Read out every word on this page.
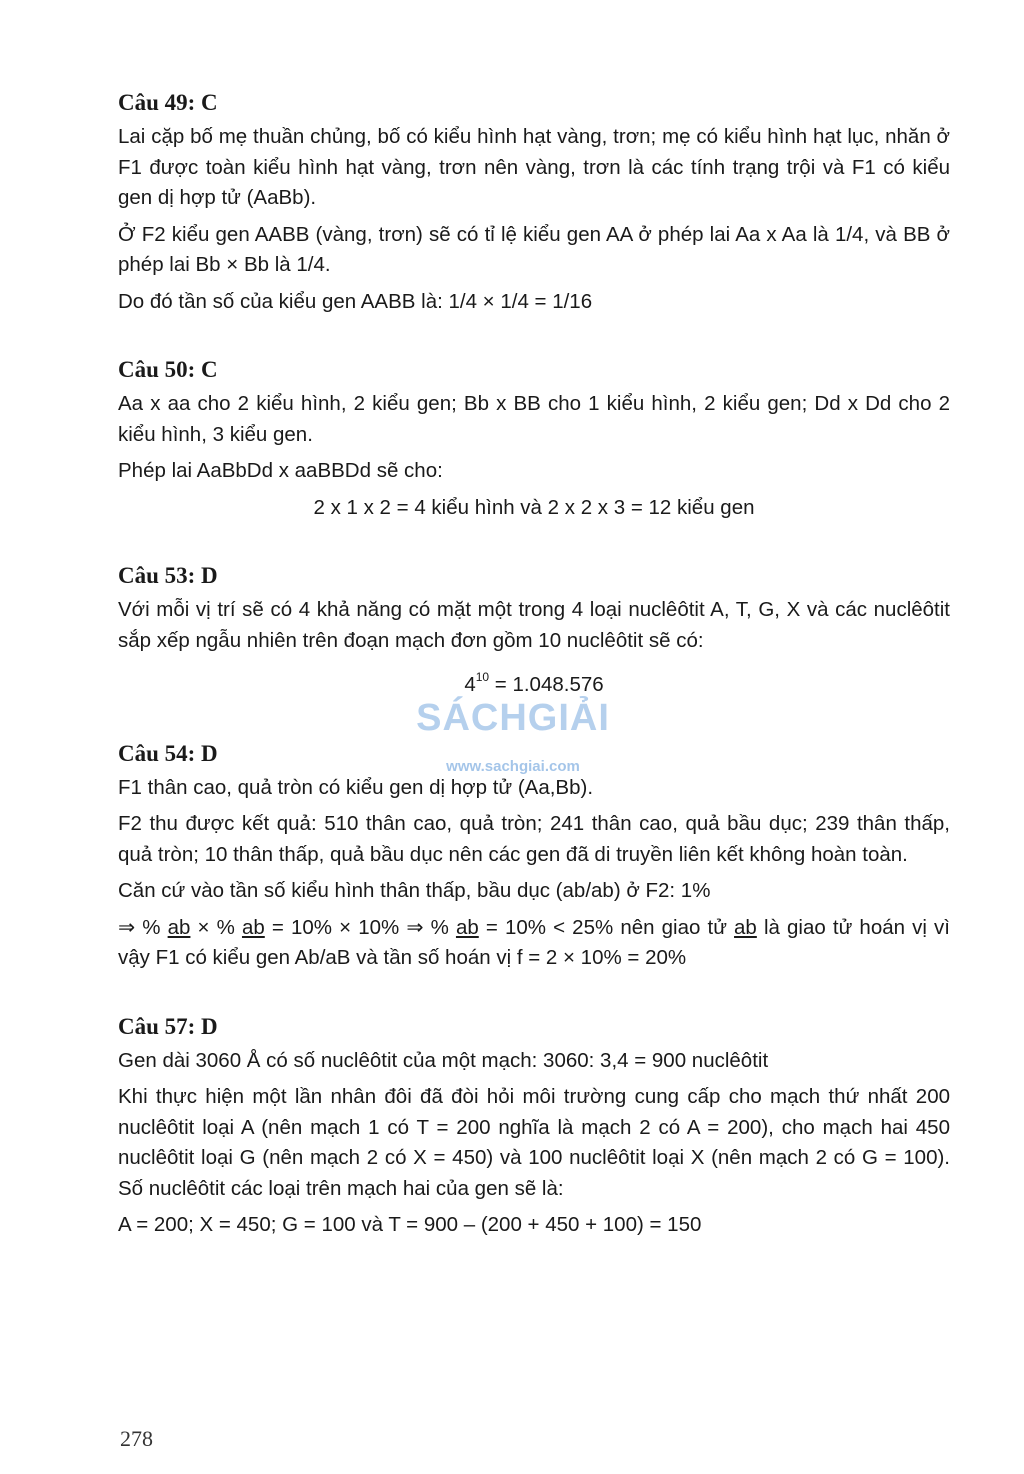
Câu 49: C

Lai cặp bố mẹ thuần chủng, bố có kiểu hình hạt vàng, trơn; mẹ có kiểu hình hạt lục, nhăn ở F1 được toàn kiểu hình hạt vàng, trơn nên vàng, trơn là các tính trạng trội và F1 có kiểu gen dị hợp tử (AaBb).

Ở F2 kiểu gen AABB (vàng, trơn) sẽ có tỉ lệ kiểu gen AA ở phép lai Aa x Aa là 1/4, và BB ở phép lai Bb × Bb là 1/4.

Do đó tần số của kiểu gen AABB là: 1/4 × 1/4 = 1/16

Câu 50: C

Aa x aa cho 2 kiểu hình, 2 kiểu gen; Bb x BB cho 1 kiểu hình, 2 kiểu gen; Dd x Dd cho 2 kiểu hình, 3 kiểu gen.

Phép lai AaBbDd x aaBBDd sẽ cho:

2 x 1 x 2 = 4 kiểu hình và 2 x 2 x 3 = 12 kiểu gen

Câu 53: D

Với mỗi vị trí sẽ có 4 khả năng có mặt một trong 4 loại nuclêôtit A, T, G, X và các nuclêôtit sắp xếp ngẫu nhiên trên đoạn mạch đơn gồm 10 nuclêôtit sẽ có:

$4^{10} = 1.048.576$

Câu 54: D

F1 thân cao, quả tròn có kiểu gen dị hợp tử (Aa,Bb).

F2 thu được kết quả: 510 thân cao, quả tròn; 241 thân cao, quả bầu dục; 239 thân thấp, quả tròn; 10 thân thấp, quả bầu dục nên các gen đã di truyền liên kết không hoàn toàn.

Căn cứ vào tần số kiểu hình thân thấp, bầu dục (ab/ab) ở F2: 1%

⇒ % ab × % ab = 10% × 10% ⇒ % ab = 10% < 25% nên giao tử ab là giao tử hoán vị vì vậy F1 có kiểu gen Ab/aB và tần số hoán vị f = 2 × 10% = 20%

Câu 57: D

Gen dài 3060 Å có số nuclêôtit của một mạch: 3060: 3,4 = 900 nuclêôtit

Khi thực hiện một lần nhân đôi đã đòi hỏi môi trường cung cấp cho mạch thứ nhất 200 nuclêôtit loại A (nên mạch 1 có T = 200 nghĩa là mạch 2 có A = 200), cho mạch hai 450 nuclêôtit loại G (nên mạch 2 có X = 450) và 100 nuclêôtit loại X (nên mạch 2 có G = 100). Số nuclêôtit các loại trên mạch hai của gen sẽ là:

A = 200; X = 450; G = 100 và T = 900 – (200 + 450 + 100) = 150

SÁCHGIẢI
www.sachgiai.com
278
